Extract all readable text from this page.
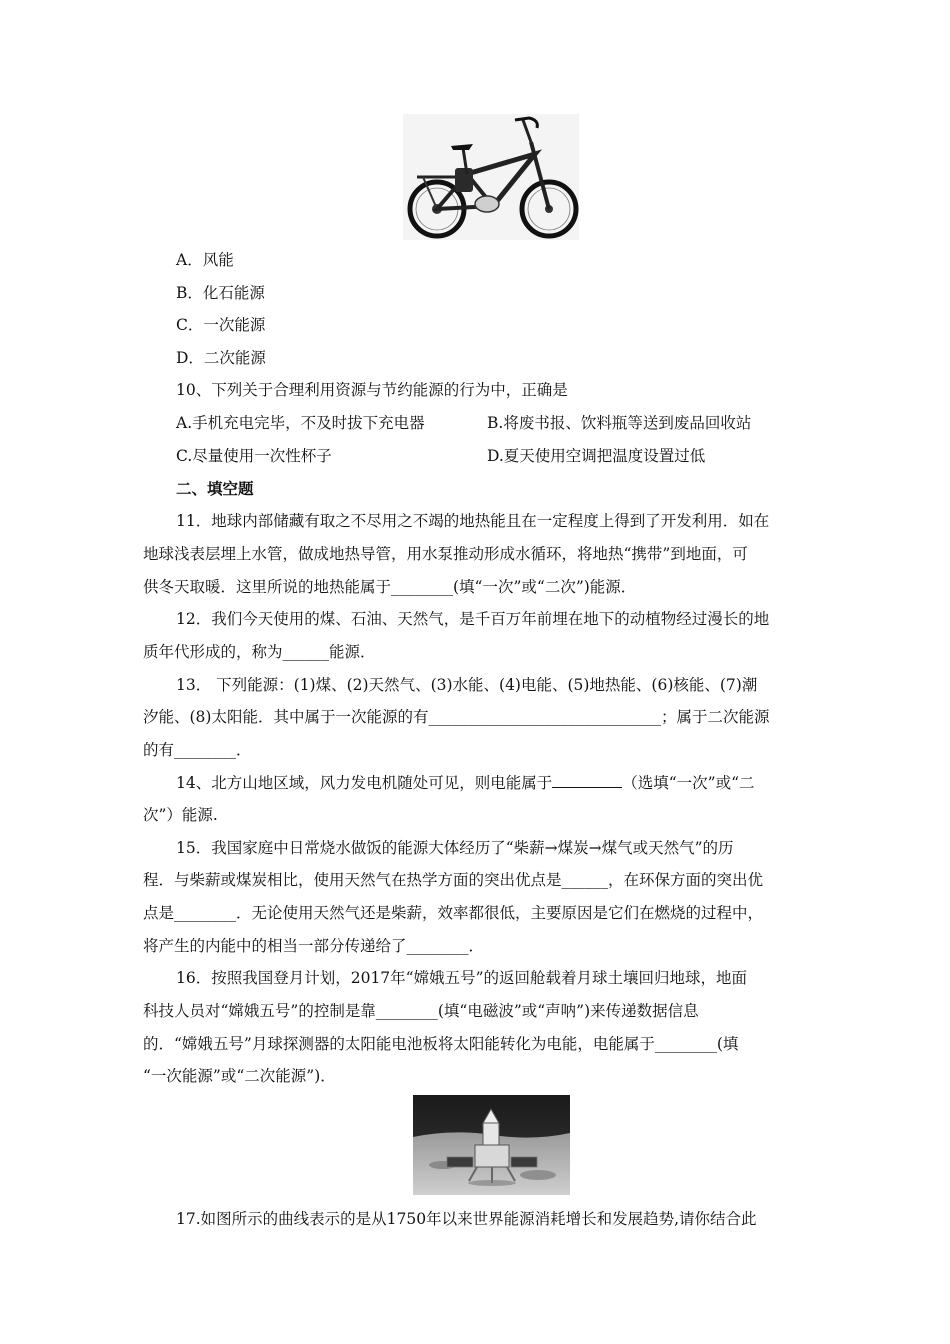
A．风能
B．化石能源
C．一次能源
D．二次能源
10、下列关于合理利用资源与节约能源的行为中，正确是
A.手机充电完毕，不及时拔下充电器	B.将废书报、饮料瓶等送到废品回收站
C.尽量使用一次性杯子	D.夏天使用空调把温度设置过低
二、填空题
11．地球内部储藏有取之不尽用之不竭的地热能且在一定程度上得到了开发利用．如在
地球浅表层埋上水管，做成地热导管，用水泵推动形成水循环，将地热“携带”到地面，可
供冬天取暖．这里所说的地热能属于________(填“一次”或“二次”)能源．
12．我们今天使用的煤、石油、天然气，是千百万年前埋在地下的动植物经过漫长的地
质年代形成的，称为______能源．
13． 下列能源：(1)煤、(2)天然气、(3)水能、(4)电能、(5)地热能、(6)核能、(7)潮
汐能、(8)太阳能．其中属于一次能源的有______________________________；属于二次能源
的有________．
14、北方山地区域，风力发电机随处可见，则电能属于	（选填“一次”或“二
次”）能源.
15．我国家庭中日常烧水做饭的能源大体经历了“柴薪→煤炭→煤气或天然气”的历
程．与柴薪或煤炭相比，使用天然气在热学方面的突出优点是______，在环保方面的突出优
点是________．无论使用天然气还是柴薪，效率都很低，主要原因是它们在燃烧的过程中，
将产生的内能中的相当一部分传递给了________．
16．按照我国登月计划，2017年“嫦娥五号”的返回舱载着月球土壤回归地球，地面
科技人员对“嫦娥五号”的控制是靠________(填“电磁波”或“声呐”)来传递数据信息
的．“嫦娥五号”月球探测器的太阳能电池板将太阳能转化为电能，电能属于________(填
“一次能源”或“二次能源”)．
17.如图所示的曲线表示的是从1750年以来世界能源消耗增长和发展趋势,请你结合此
